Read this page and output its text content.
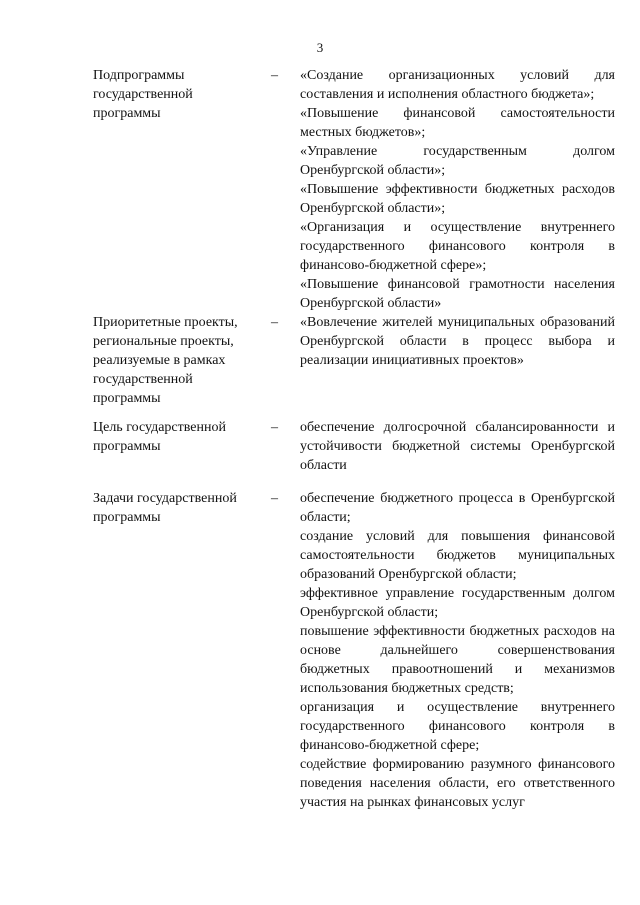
3
Подпрограммы государственной программы
– «Создание организационных условий для составления и исполнения областного бюджета»;

«Повышение финансовой самостоятельности местных бюджетов»;

«Управление государственным долгом Оренбургской области»;

«Повышение эффективности бюджетных расходов Оренбургской области»;

«Организация и осуществление внутреннего государственного финансового контроля в финансово-бюджетной сфере»;

«Повышение финансовой грамотности населения Оренбургской области»

Приоритетные проекты, региональные проекты, реализуемые в рамках государственной программы
– «Вовлечение жителей муниципальных образований Оренбургской области в процесс выбора и реализации инициативных проектов»

Цель государственной программы
– обеспечение долгосрочной сбалансированности и устойчивости бюджетной системы Оренбургской области

Задачи государственной программы
– обеспечение бюджетного процесса в Оренбургской области;

создание условий для повышения финансовой самостоятельности бюджетов муниципальных образований Оренбургской области;

эффективное управление государственным долгом Оренбургской области;

повышение эффективности бюджетных расходов на основе дальнейшего совершенствования бюджетных правоотношений и механизмов использования бюджетных средств;

организация и осуществление внутреннего государственного финансового контроля в финансово-бюджетной сфере;

содействие формированию разумного финансового поведения населения области, его ответственного участия на рынках финансовых услуг
